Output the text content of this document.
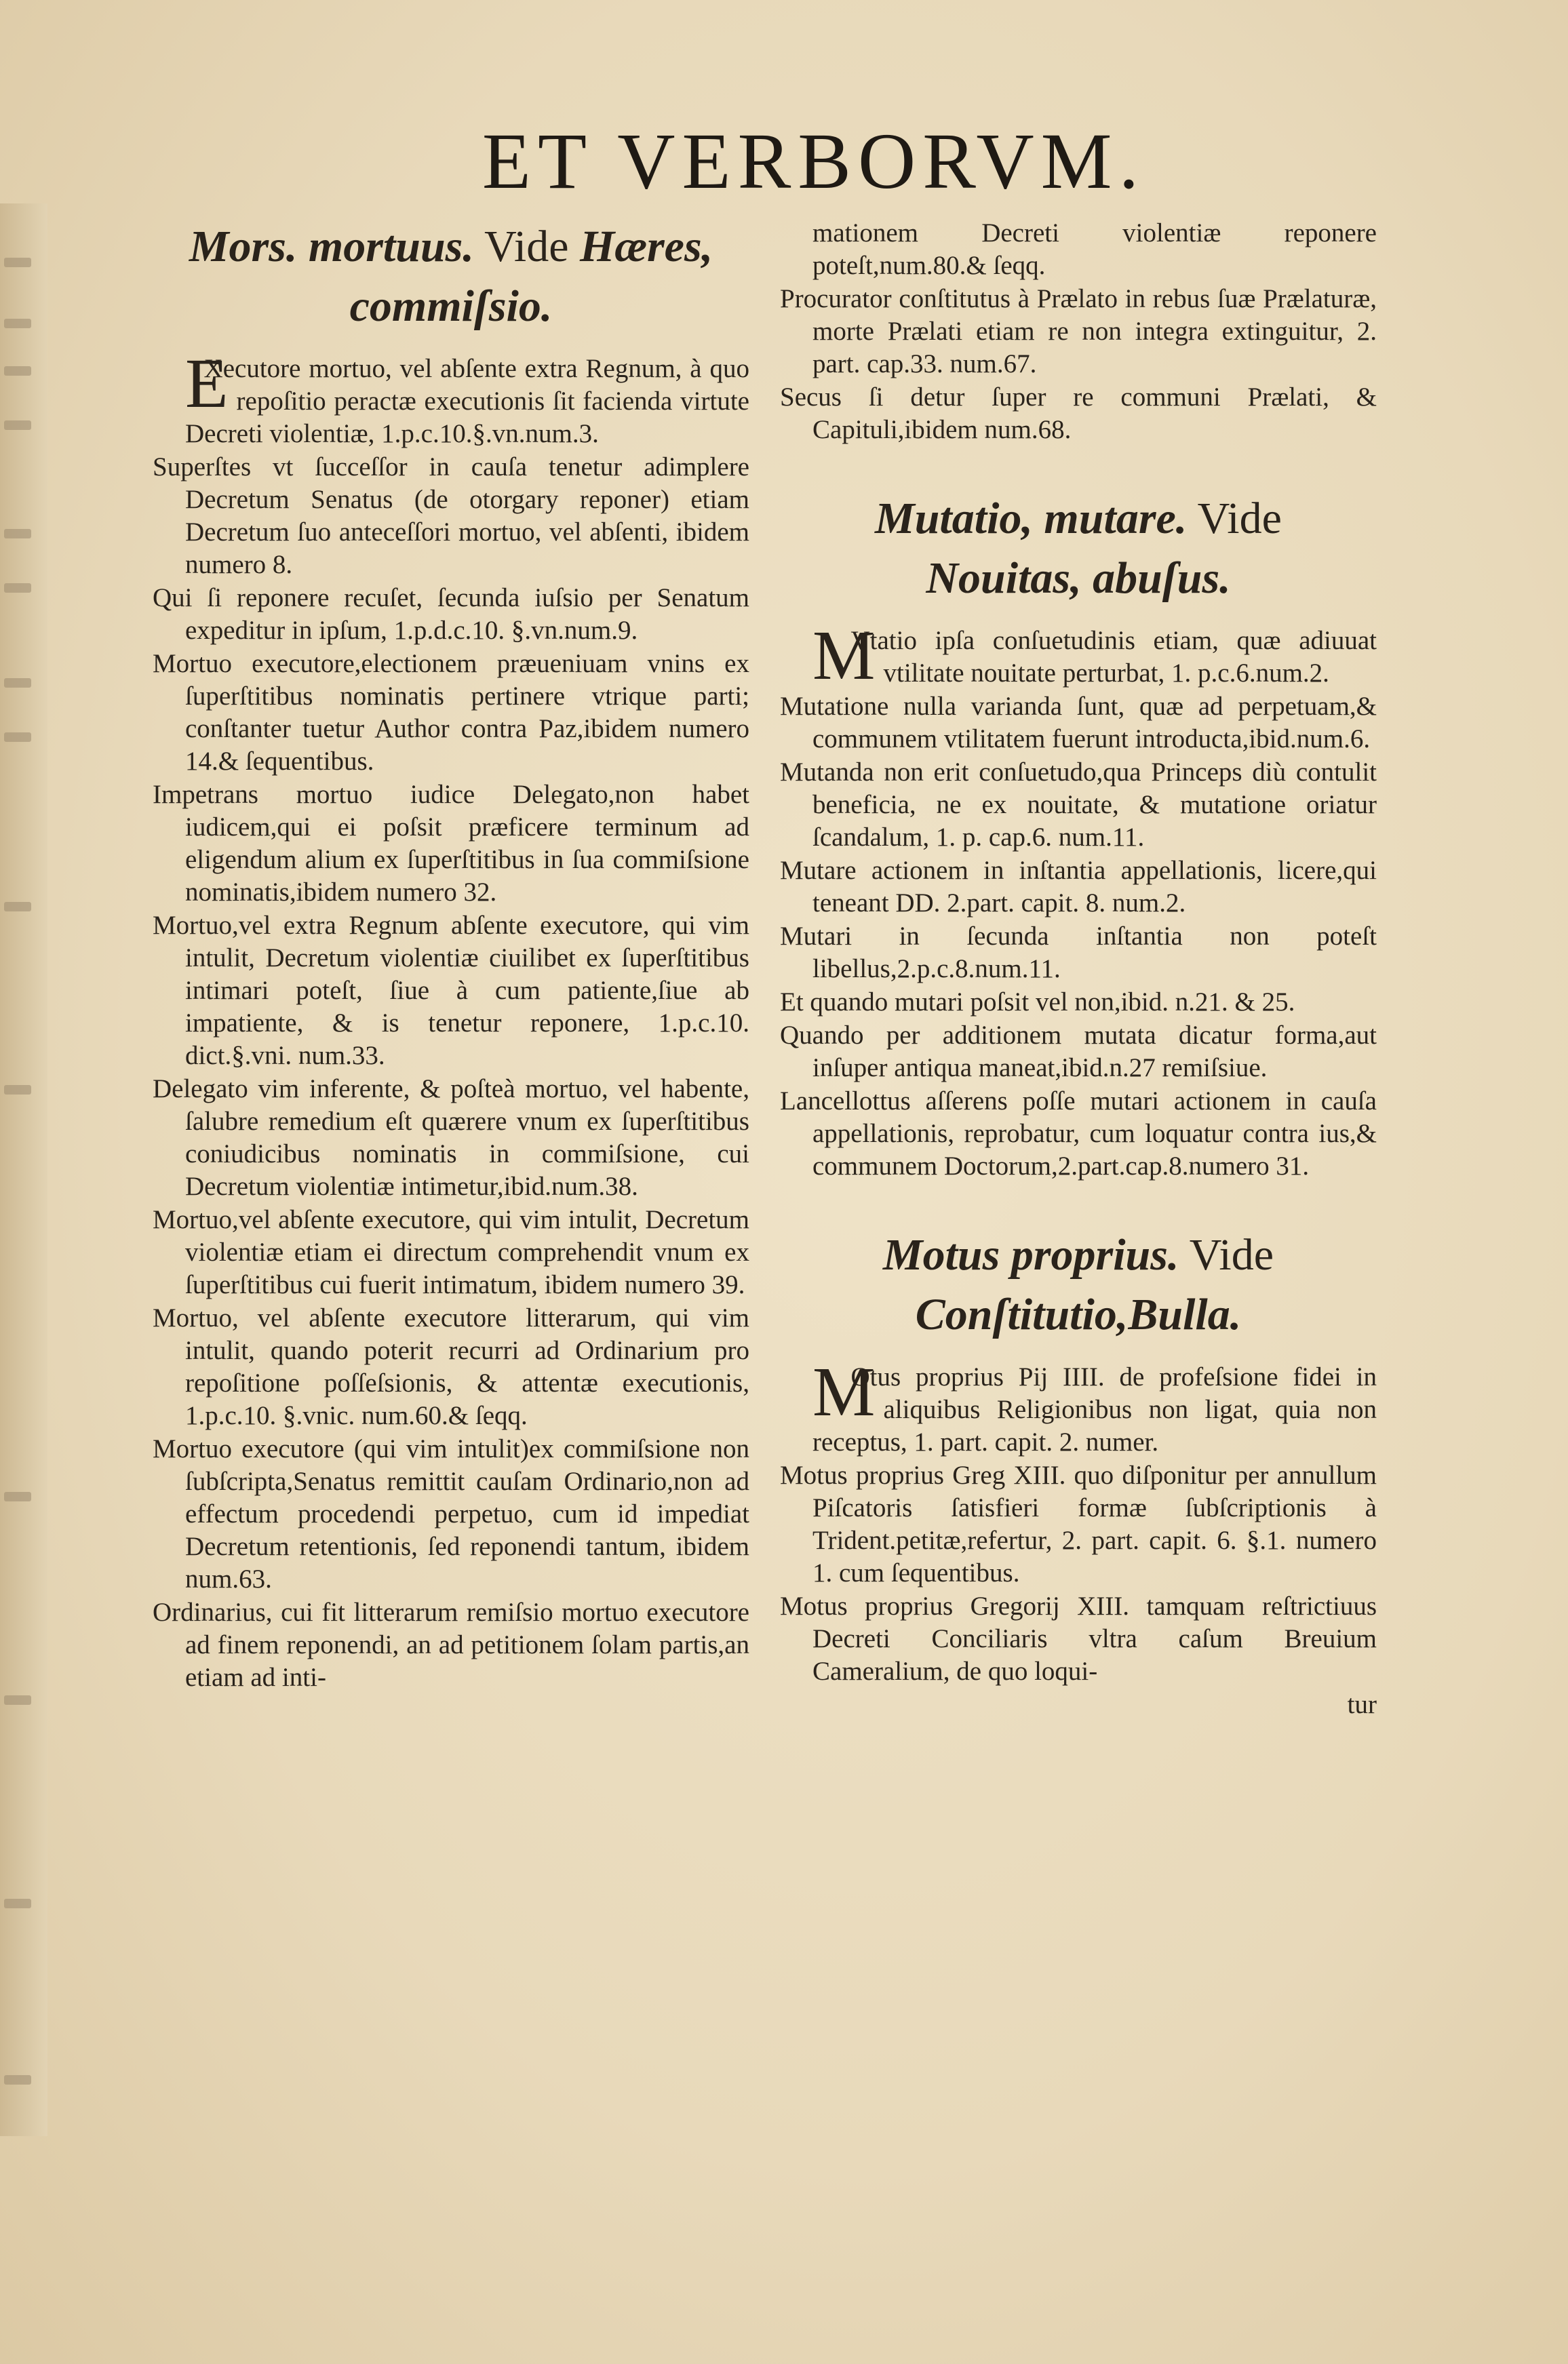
ET VERBORVM.
Mors. mortuus. Vide Hæres, commiſsio.

EXecutore mortuo, vel abſente extra Regnum, à quo repoſitio peractæ executionis ſit facienda virtute Decreti violentiæ, 1.p.c.10.§.vn.num.3.

Superſtes vt ſucceſſor in cauſa tenetur adimplere Decretum Senatus (de otorgary reponer) etiam Decretum ſuo anteceſſori mortuo, vel abſenti, ibidem numero 8.

Qui ſi reponere recuſet, ſecunda iuſsio per Senatum expeditur in ipſum, 1.p.d.c.10. §.vn.num.9.

Mortuo executore,electionem præueniuam vnins ex ſuperſtitibus nominatis pertinere vtrique parti; conſtanter tuetur Author contra Paz,ibidem numero 14.& ſequentibus.

Impetrans mortuo iudice Delegato,non habet iudicem,qui ei poſsit præficere terminum ad eligendum alium ex ſuperſtitibus in ſua commiſsione nominatis,ibidem numero 32.

Mortuo,vel extra Regnum abſente executore, qui vim intulit, Decretum violentiæ ciuilibet ex ſuperſtitibus intimari poteſt, ſiue à cum patiente,ſiue ab impatiente, & is tenetur reponere, 1.p.c.10. dict.§.vni. num.33.

Delegato vim inferente, & poſteà mortuo, vel habente, ſalubre remedium eſt quærere vnum ex ſuperſtitibus coniudicibus nominatis in commiſsione, cui Decretum violentiæ intimetur,ibid.num.38.

Mortuo,vel abſente executore, qui vim intulit, Decretum violentiæ etiam ei directum comprehendit vnum ex ſuperſtitibus cui fuerit intimatum, ibidem numero 39.

Mortuo, vel abſente executore litterarum, qui vim intulit, quando poterit recurri ad Ordinarium pro repoſitione poſſeſsionis, & attentæ executionis, 1.p.c.10. §.vnic. num.60.& ſeqq.

Mortuo executore (qui vim intulit)ex commiſsione non ſubſcripta,Senatus remittit cauſam Ordinario,non ad effectum procedendi perpetuo, cum id impediat Decretum retentionis, ſed reponendi tantum, ibidem num.63.

Ordinarius, cui fit litterarum remiſsio mortuo executore ad finem reponendi, an ad petitionem ſolam partis,an etiam ad inti-

mationem Decreti violentiæ reponere poteſt,num.80.& ſeqq.

Procurator conſtitutus à Prælato in rebus ſuæ Prælaturæ, morte Prælati etiam re non integra extinguitur, 2. part. cap.33. num.67.

Secus ſi detur ſuper re communi Prælati, & Capituli,ibidem num.68.

Mutatio, mutare. Vide Nouitas, abuſus.

MVtatio ipſa conſuetudinis etiam, quæ adiuuat vtilitate nouitate perturbat, 1. p.c.6.num.2.

Mutatione nulla varianda ſunt, quæ ad perpetuam,& communem vtilitatem fuerunt introducta,ibid.num.6.

Mutanda non erit conſuetudo,qua Princeps diù contulit beneficia, ne ex nouitate, & mutatione oriatur ſcandalum, 1. p. cap.6. num.11.

Mutare actionem in inſtantia appellationis, licere,qui teneant DD. 2.part. capit. 8. num.2.

Mutari in ſecunda inſtantia non poteſt libellus,2.p.c.8.num.11.

Et quando mutari poſsit vel non,ibid. n.21. & 25.

Quando per additionem mutata dicatur forma,aut inſuper antiqua maneat,ibid.n.27 remiſsiue.

Lancellottus aſſerens poſſe mutari actionem in cauſa appellationis, reprobatur, cum loquatur contra ius,& communem Doctorum,2.part.cap.8.numero 31.

Motus proprius. Vide Conſtitutio,Bulla.

MOtus proprius Pij IIII. de profeſsione fidei in aliquibus Religionibus non ligat, quia non receptus, 1. part. capit. 2. numer.

Motus proprius Greg XIII. quo diſponitur per annullum Piſcatoris ſatisfieri formæ ſubſcriptionis à Trident.petitæ,refertur, 2. part. capit. 6. §.1. numero 1. cum ſequentibus.

Motus proprius Gregorij XIII. tamquam reſtrictiuus Decreti Conciliaris vltra caſum Breuium Cameralium, de quo loqui-

tur
